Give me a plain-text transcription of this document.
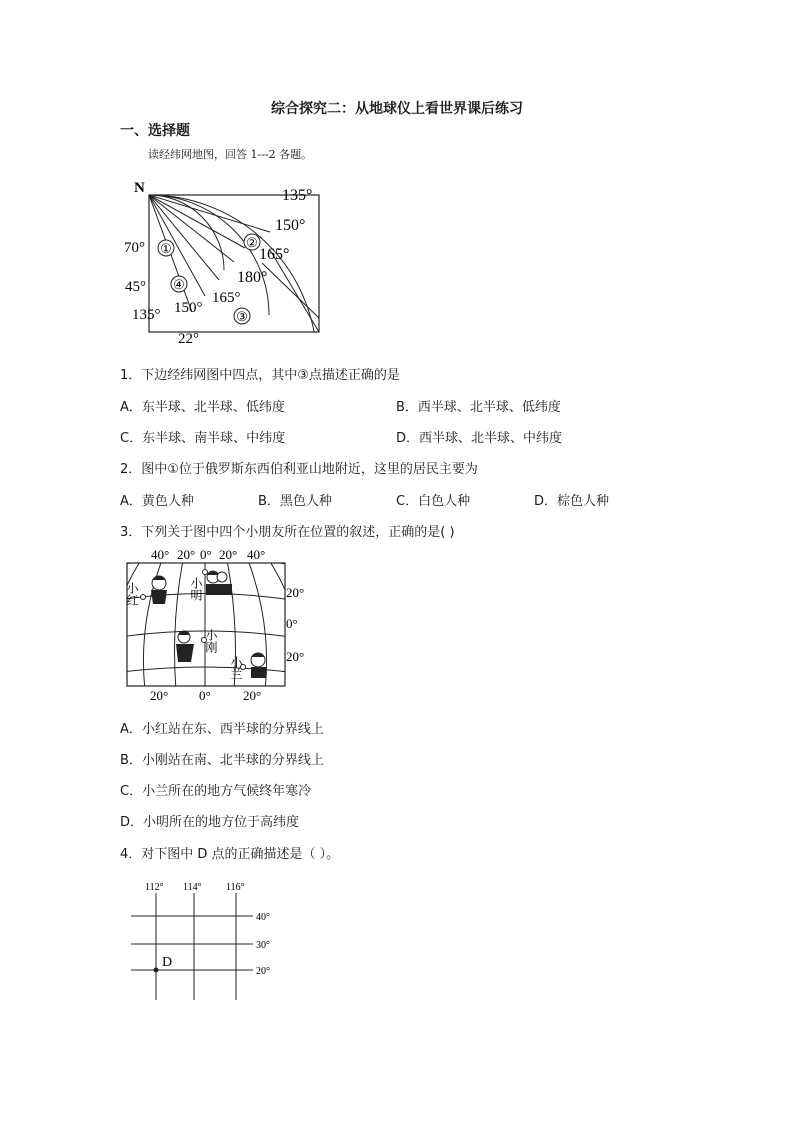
综合探究二：从地球仪上看世界课后练习
一、选择题
读经纬网地图，回答 1---2 各题。
N	135°
150°
165°
180°
70°
45°
135° 150°
165°
22°
①	②
③
④
1．下边经纬网图中四点，其中③点描述正确的是
A．东半球、北半球、低纬度	B．西半球、北半球、低纬度
C．东半球、南半球、中纬度	D．西半球、北半球、中纬度
2．图中①位于俄罗斯东西伯利亚山地附近，这里的居民主要为
A．黄色人种	B．黑色人种	C．白色人种	D．棕色人种
3．下列关于图中四个小朋友所在位置的叙述，正确的是( )
40° 20° 0° 20° 40°
20°
0°
20°
20° 0° 20°
小红	小明
小刚
小兰
A．小红站在东、西半球的分界线上
B．小刚站在南、北半球的分界线上
C．小兰所在的地方气候终年寒冷
D．小明所在的地方位于高纬度
4．对下图中 D 点的正确描述是（ ）。
112° 114° 116°
40°
30°
20°
D
